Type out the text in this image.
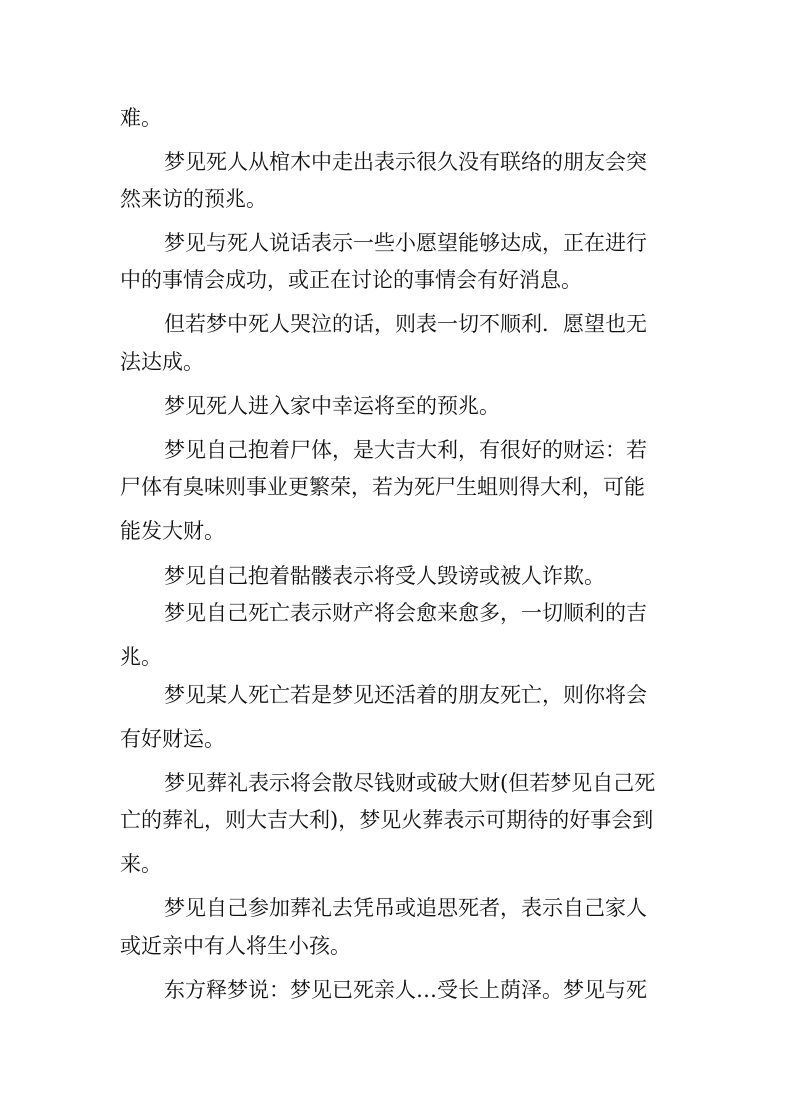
难。
梦见死人从棺木中走出表示很久没有联络的朋友会突
然来访的预兆。
梦见与死人说话表示一些小愿望能够达成，正在进行
中的事情会成功，或正在讨论的事情会有好消息。
但若梦中死人哭泣的话，则表一切不顺利．愿望也无
法达成。
梦见死人进入家中幸运将至的预兆。
梦见自己抱着尸体，是大吉大利，有很好的财运：若
尸体有臭味则事业更繁荣，若为死尸生蛆则得大利，可能
能发大财。
梦见自己抱着骷髅表示将受人毁谤或被人诈欺。
梦见自己死亡表示财产将会愈来愈多，一切顺利的吉
兆。
梦见某人死亡若是梦见还活着的朋友死亡，则你将会
有好财运。
梦见葬礼表示将会散尽钱财或破大财(但若梦见自己死
亡的葬礼，则大吉大利)，梦见火葬表示可期待的好事会到
来。
梦见自己参加葬礼去凭吊或追思死者，表示自己家人
或近亲中有人将生小孩。
东方释梦说：梦见已死亲人…受长上荫泽。梦见与死
